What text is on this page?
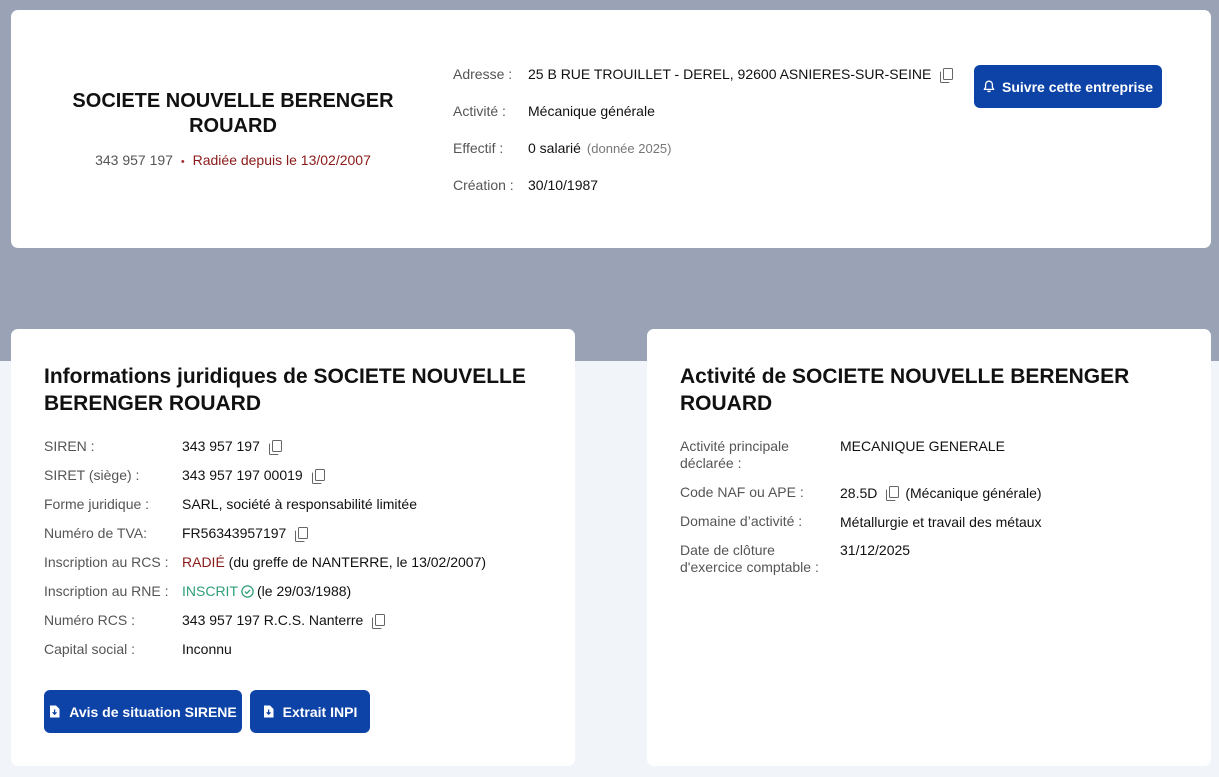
SOCIETE NOUVELLE BERENGER ROUARD
343 957 197 • Radiée depuis le 13/02/2007
Adresse :	25 B RUE TROUILLET - DEREL, 92600 ASNIERES-SUR-SEINE
Activité :	Mécanique générale
Effectif :	0 salarié (donnée 2025)
Création :	30/10/1987
Suivre cette entreprise
Informations juridiques de SOCIETE NOUVELLE BERENGER ROUARD
SIREN :	343 957 197
SIRET (siège) :	343 957 197 00019
Forme juridique :	SARL, société à responsabilité limitée
Numéro de TVA:	FR56343957197
Inscription au RCS : RADIÉ (du greffe de NANTERRE, le 13/02/2007)
Inscription au RNE : INSCRIT (le 29/03/1988)
Numéro RCS :	343 957 197 R.C.S. Nanterre
Capital social :	Inconnu
Avis de situation SIRENE	Extrait INPI
Activité de SOCIETE NOUVELLE BERENGER ROUARD
Activité principale déclarée :
MECANIQUE GENERALE
Code NAF ou APE :	28.5D (Mécanique générale)
Domaine d’activité :	Métallurgie et travail des métaux
Date de clôture d'exercice comptable :
31/12/2025
